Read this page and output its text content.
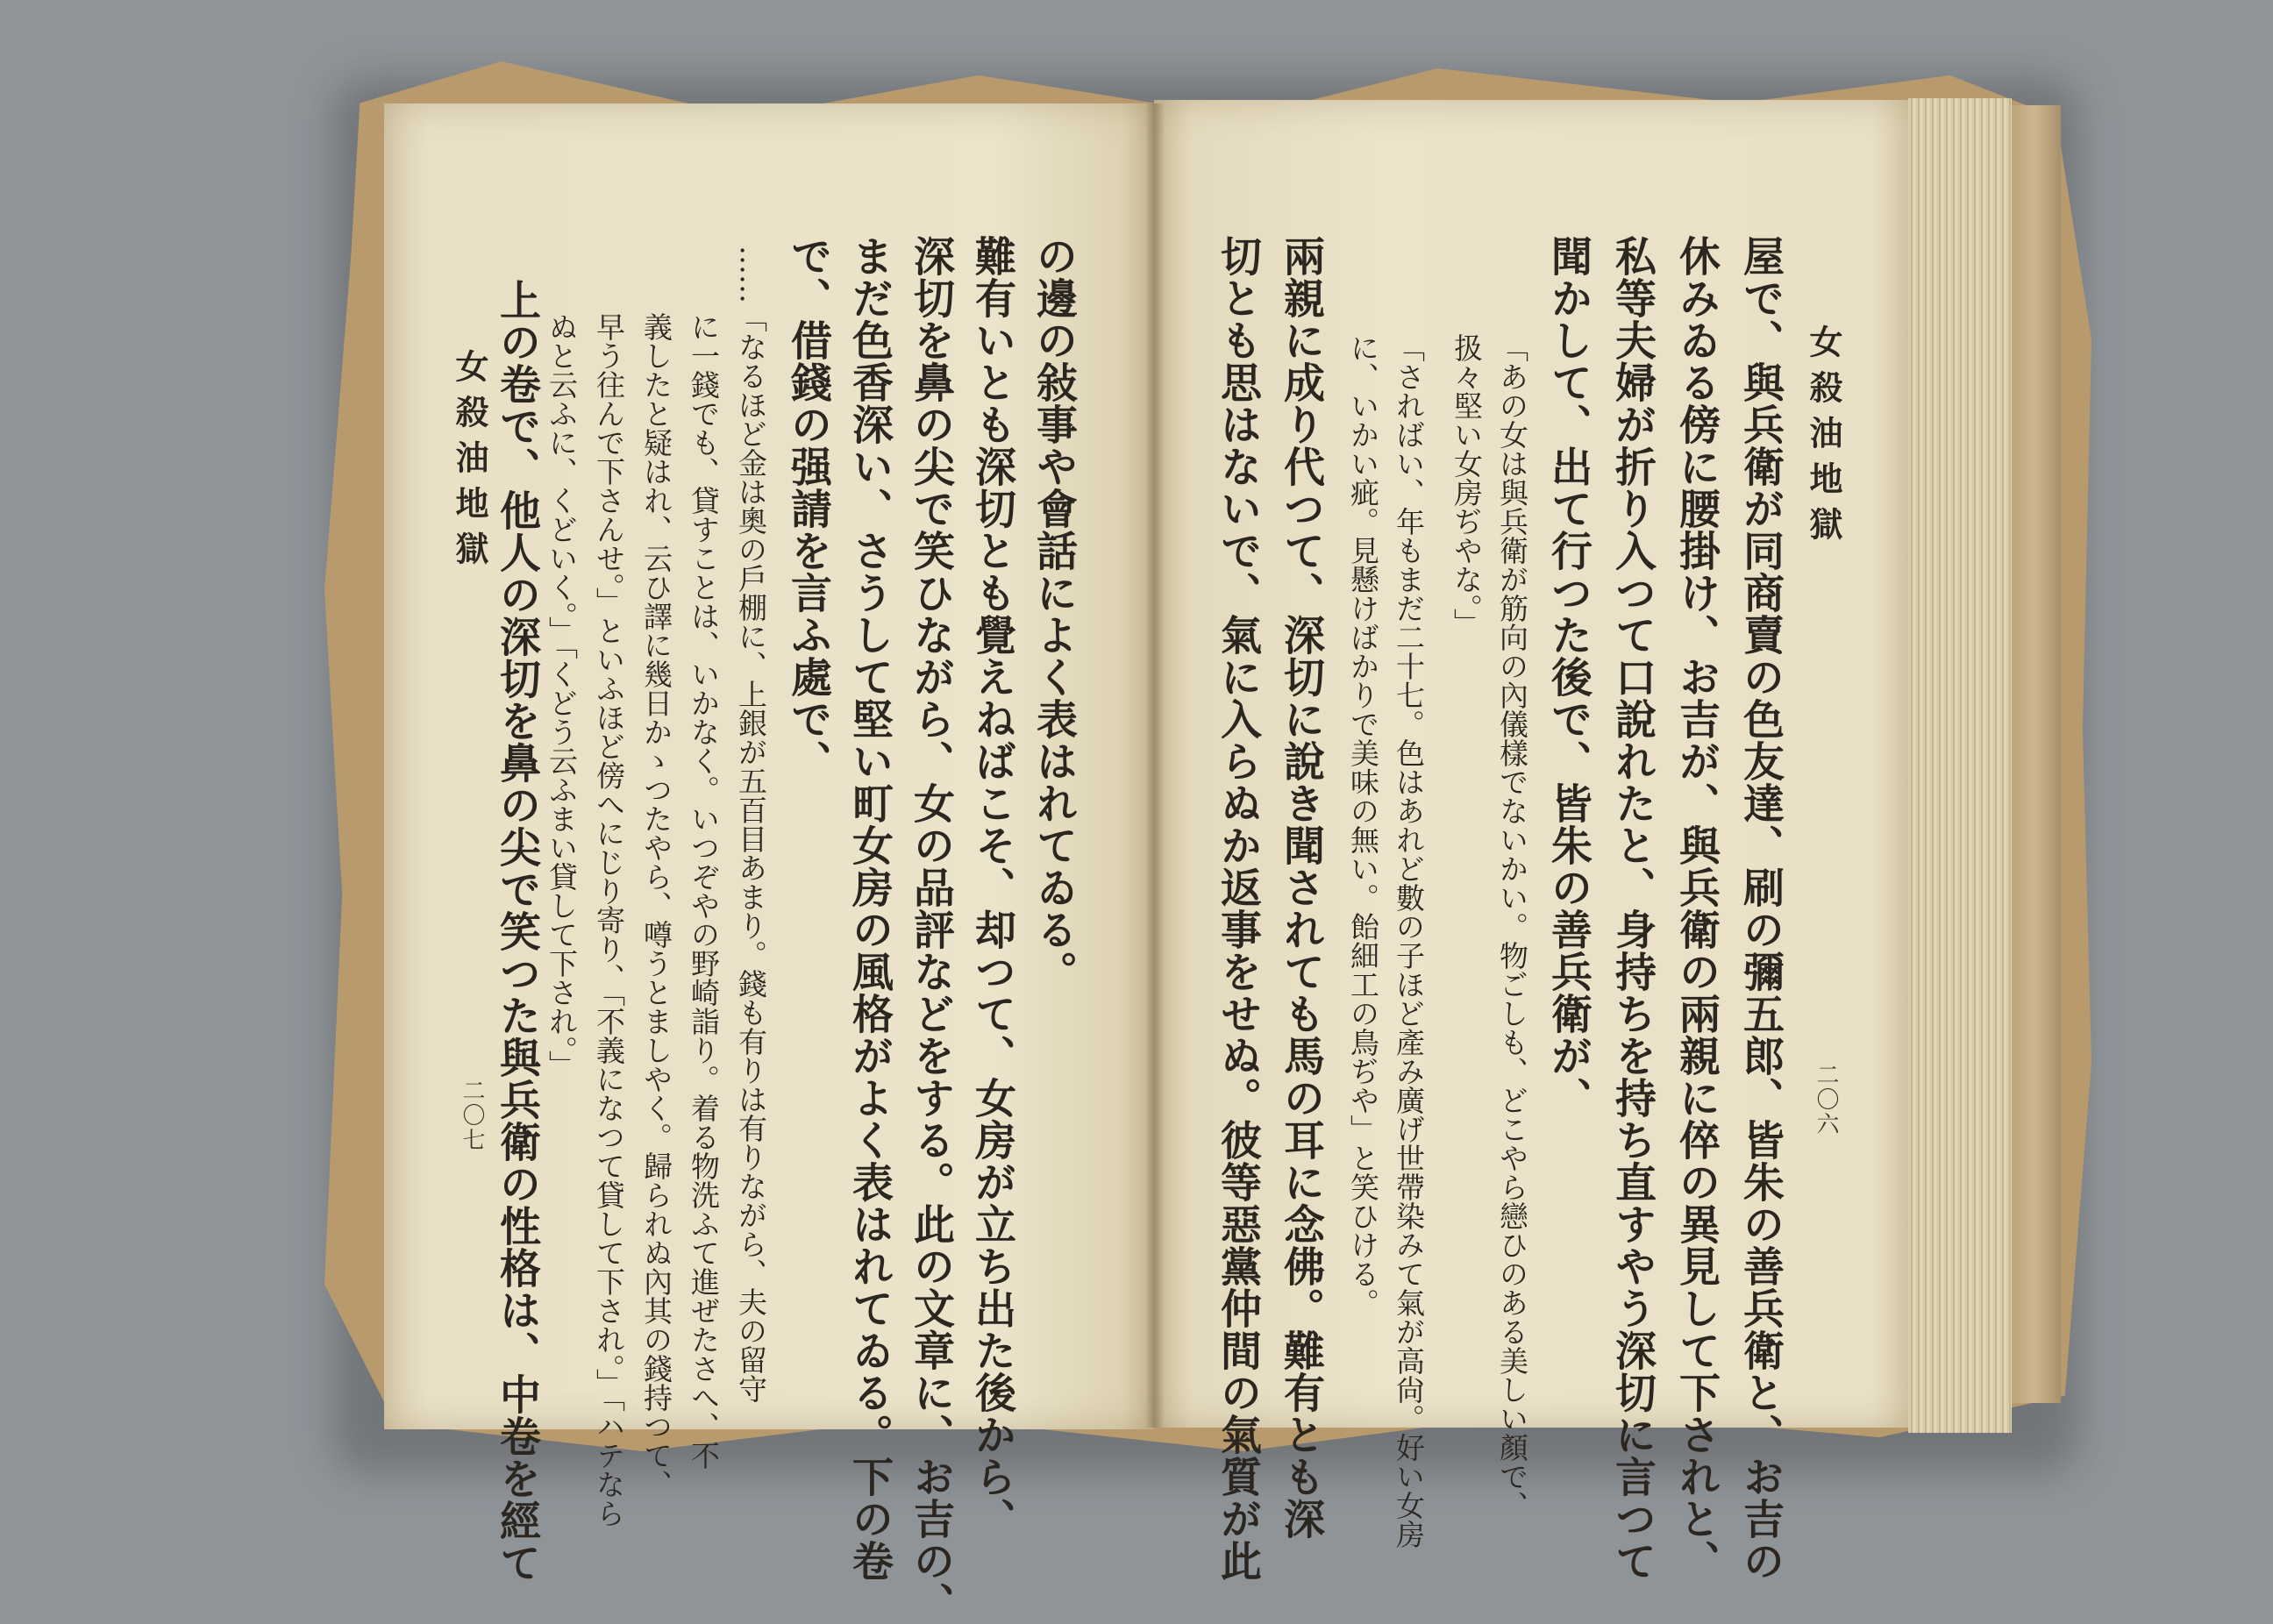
女殺油地獄
二〇六
屋で、與兵衛が同商賣の色友達、刷の彌五郎、皆朱の善兵衛と、お吉の
休みゐる傍に腰掛け、お吉が、與兵衛の兩親に倅の異見して下されと、
私等夫婦が折り入つて口說れたと、身持ちを持ち直すやう深切に言つて
聞かして、出て行つた後で、皆朱の善兵衛が、
「あの女は與兵衛が筋向の內儀樣でないかい。物ごしも、どこやら戀ひのある美しい顏で、
扱々堅い女房ぢやな。」
「さればい、年もまだ二十七。色はあれど數の子ほど產み廣げ世帶染みて氣が高尙。好い女房
に、いかい疵。見懸けばかりで美味の無い。飴細工の鳥ぢや」と笑ひける。
兩親に成り代つて、深切に說き聞されても馬の耳に念佛。難有とも深
切とも思はないで、氣に入らぬか返事をせぬ。彼等惡黨仲間の氣質が此
の邊の敍事や會話によく表はれてゐる。
難有いとも深切とも覺えねばこそ、却つて、女房が立ち出た後から、
深切を鼻の尖で笑ひながら、女の品評などをする。此の文章に、お吉の、
まだ色香深い、さうして堅い町女房の風格がよく表はれてゐる。下の卷
で、借錢の强請を言ふ處で、
……「なるほど金は奧の戶棚に、上銀が五百目あまり。錢も有りは有りながら、夫の留守
に一錢でも、貸すことは、いかなく。いつぞやの野崎詣り。着る物洗ふて進ぜたさへ、不
義したと疑はれ、云ひ譯に幾日かゝつたやら、噂うとましやく。歸られぬ內其の錢持つて、
早う往んで下さんせ。」といふほど傍へにじり寄り、「不義になつて貸して下され。」「ハテなら
ぬと云ふに、くどいく。」「くどう云ふまい貸して下され。」
上の卷で、他人の深切を鼻の尖で笑つた與兵衛の性格は、中卷を經て
女殺油地獄
二〇七
